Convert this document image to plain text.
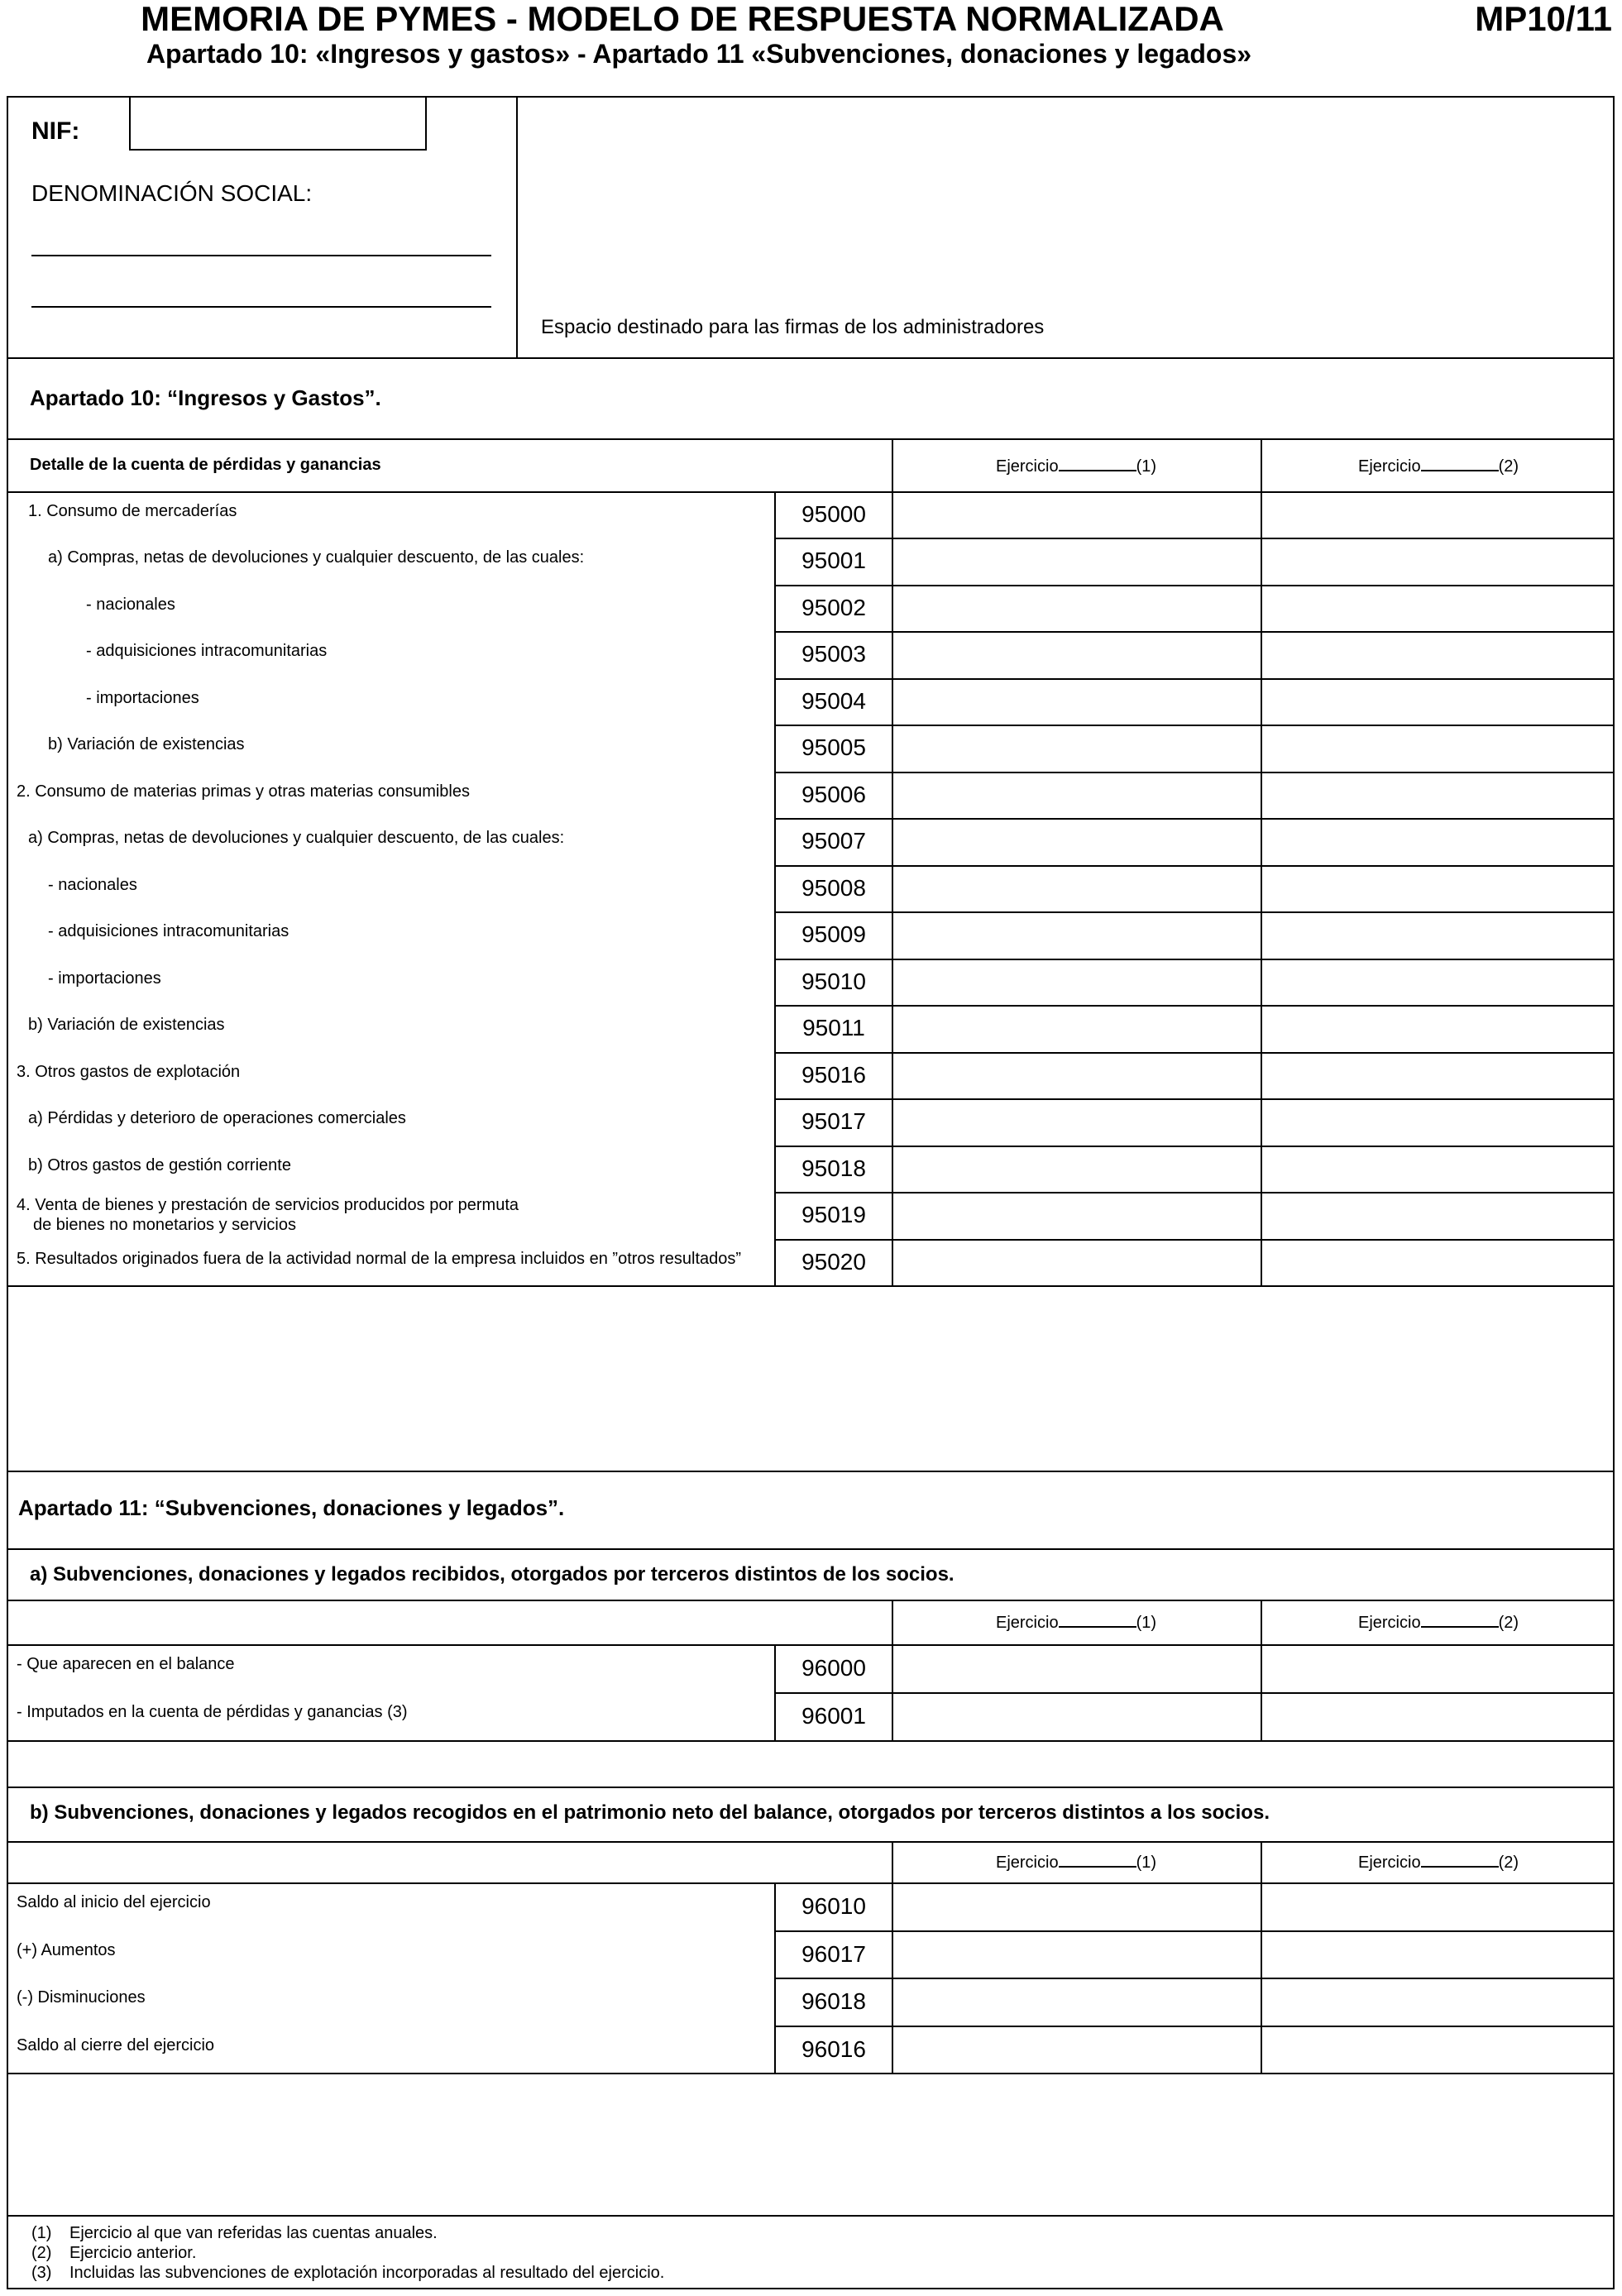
MEMORIA DE PYMES - MODELO DE RESPUESTA NORMALIZADA
Apartado 10: «Ingresos y gastos» - Apartado 11 «Subvenciones, donaciones y legados»
MP10/11
NIF:
DENOMINACIÓN SOCIAL:
Espacio destinado para las firmas de los administradores
Apartado 10: “Ingresos y Gastos”.
Detalle de la cuenta de pérdidas y ganancias	Ejercicio	(1)	Ejercicio	(2)
1. Consumo de mercaderías	95000
a) Compras, netas de devoluciones y cualquier descuento, de las cuales:	95001
- nacionales	95002
- adquisiciones intracomunitarias	95003
- importaciones	95004
b) Variación de existencias	95005
2. Consumo de materias primas y otras materias consumibles	95006
a) Compras, netas de devoluciones y cualquier descuento, de las cuales:	95007
- nacionales	95008
- adquisiciones intracomunitarias	95009
- importaciones	95010
b) Variación de existencias	95011
3. Otros gastos de explotación	95016
a) Pérdidas y deterioro de operaciones comerciales	95017
b) Otros gastos de gestión corriente	95018
4. Venta de bienes y prestación de servicios producidos por permuta
de bienes no monetarios y servicios	95019
5. Resultados originados fuera de la actividad normal de la empresa incluidos en ”otros resultados”	95020
Apartado 11: “Subvenciones, donaciones y legados”.
a) Subvenciones, donaciones y legados recibidos, otorgados por terceros distintos de los socios.
Ejercicio	(1)	Ejercicio	(2)
- Que aparecen en el balance	96000
- Imputados en la cuenta de pérdidas y ganancias (3)	96001
b) Subvenciones, donaciones y legados recogidos en el patrimonio neto del balance, otorgados por terceros distintos a los socios.
Ejercicio	(1)	Ejercicio	(2)
Saldo al inicio del ejercicio	96010
(+) Aumentos	96017
(-) Disminuciones	96018
Saldo al cierre del ejercicio	96016
(1) Ejercicio al que van referidas las cuentas anuales.
(2) Ejercicio anterior.
(3) Incluidas las subvenciones de explotación incorporadas al resultado del ejercicio.
